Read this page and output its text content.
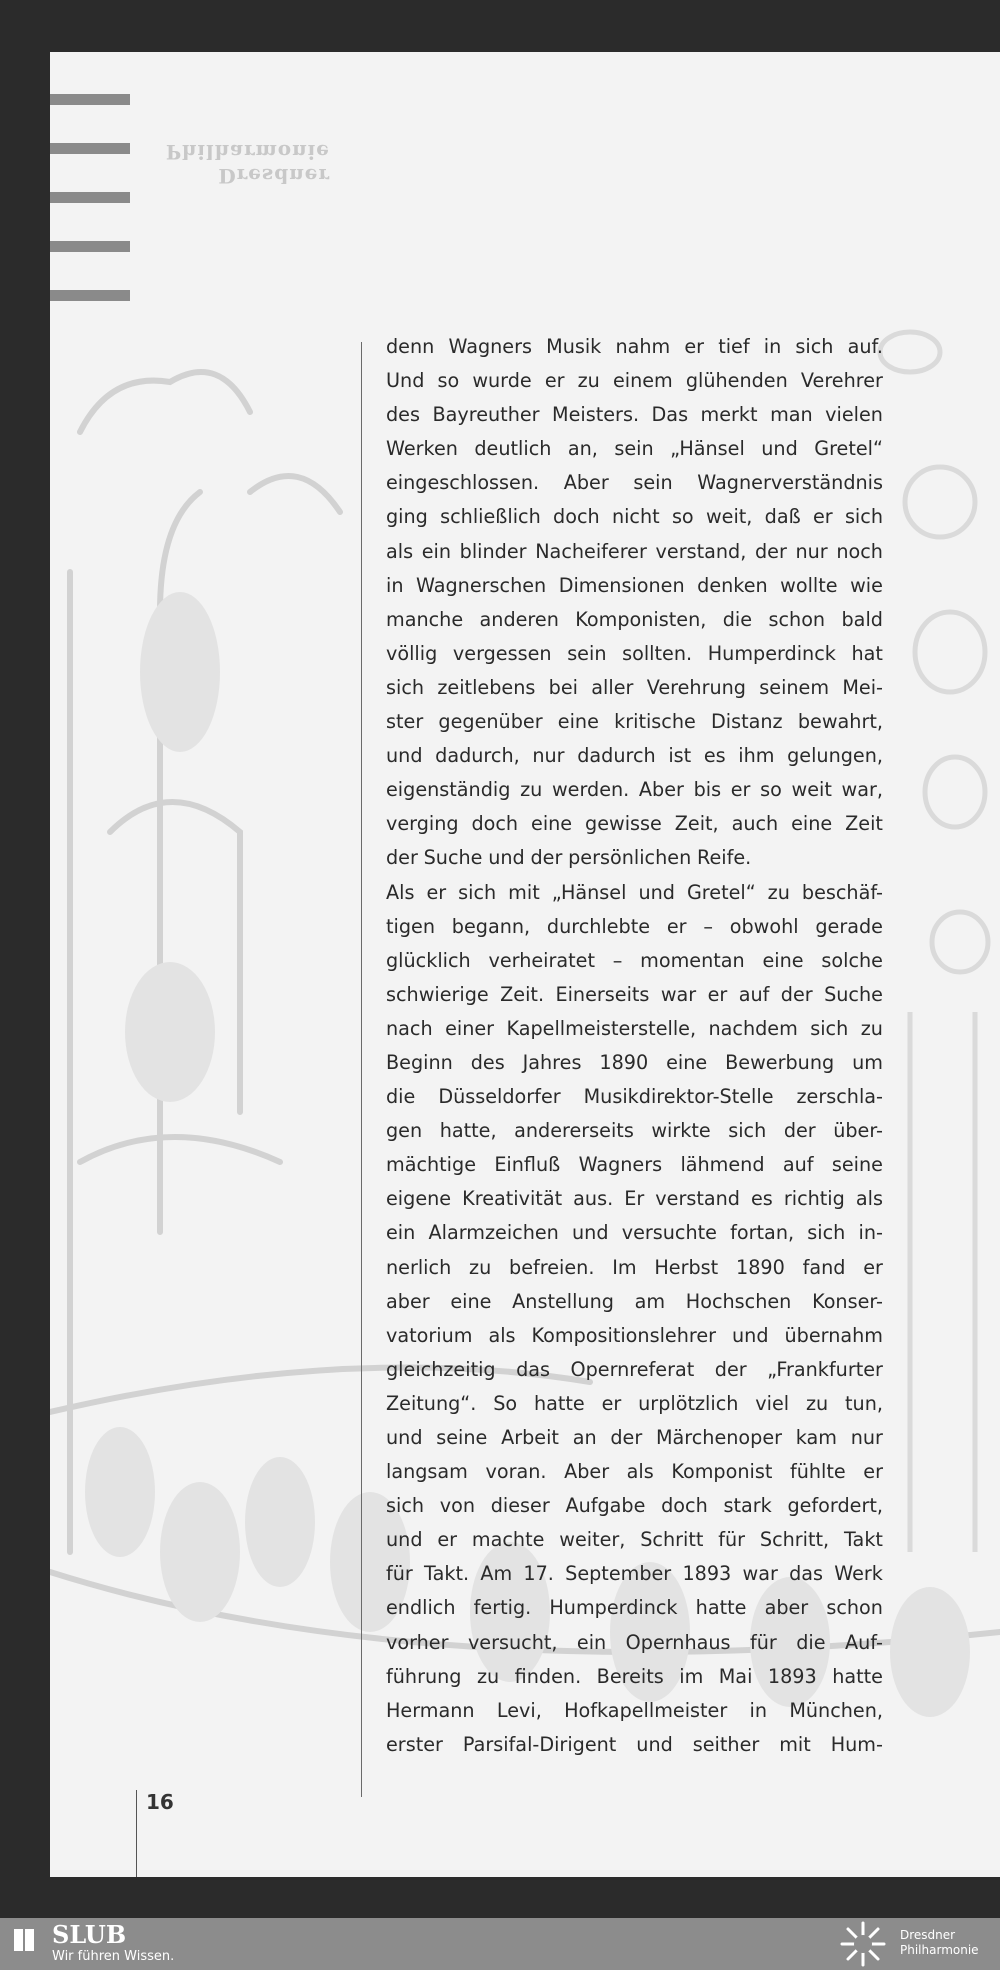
Dresdner
Philharmonie
denn Wagners Musik nahm er tief in sich auf.
Und so wurde er zu einem glühenden Verehrer
des Bayreuther Meisters. Das merkt man vielen
Werken deutlich an, sein „Hänsel und Gretel“
eingeschlossen. Aber sein Wagnerverständnis
ging schließlich doch nicht so weit, daß er sich
als ein blinder Nacheiferer verstand, der nur noch
in Wagnerschen Dimensionen denken wollte wie
manche anderen Komponisten, die schon bald
völlig vergessen sein sollten. Humperdinck hat
sich zeitlebens bei aller Verehrung seinem Mei-
ster gegenüber eine kritische Distanz bewahrt,
und dadurch, nur dadurch ist es ihm gelungen,
eigenständig zu werden. Aber bis er so weit war,
verging doch eine gewisse Zeit, auch eine Zeit
der Suche und der persönlichen Reife.
Als er sich mit „Hänsel und Gretel“ zu beschäf-
tigen begann, durchlebte er – obwohl gerade
glücklich verheiratet – momentan eine solche
schwierige Zeit. Einerseits war er auf der Suche
nach einer Kapellmeisterstelle, nachdem sich zu
Beginn des Jahres 1890 eine Bewerbung um
die Düsseldorfer Musikdirektor-Stelle zerschla-
gen hatte, andererseits wirkte sich der über-
mächtige Einfluß Wagners lähmend auf seine
eigene Kreativität aus. Er verstand es richtig als
ein Alarmzeichen und versuchte fortan, sich in-
nerlich zu befreien. Im Herbst 1890 fand er
aber eine Anstellung am Hochschen Konser-
vatorium als Kompositionslehrer und übernahm
gleichzeitig das Opernreferat der „Frankfurter
Zeitung“. So hatte er urplötzlich viel zu tun,
und seine Arbeit an der Märchenoper kam nur
langsam voran. Aber als Komponist fühlte er
sich von dieser Aufgabe doch stark gefordert,
und er machte weiter, Schritt für Schritt, Takt
für Takt. Am 17. September 1893 war das Werk
endlich fertig. Humperdinck hatte aber schon
vorher versucht, ein Opernhaus für die Auf-
führung zu finden. Bereits im Mai 1893 hatte
Hermann Levi, Hofkapellmeister in München,
erster Parsifal-Dirigent und seither mit Hum-
16
SLUB
Wir führen Wissen.
Dresdner
Philharmonie
